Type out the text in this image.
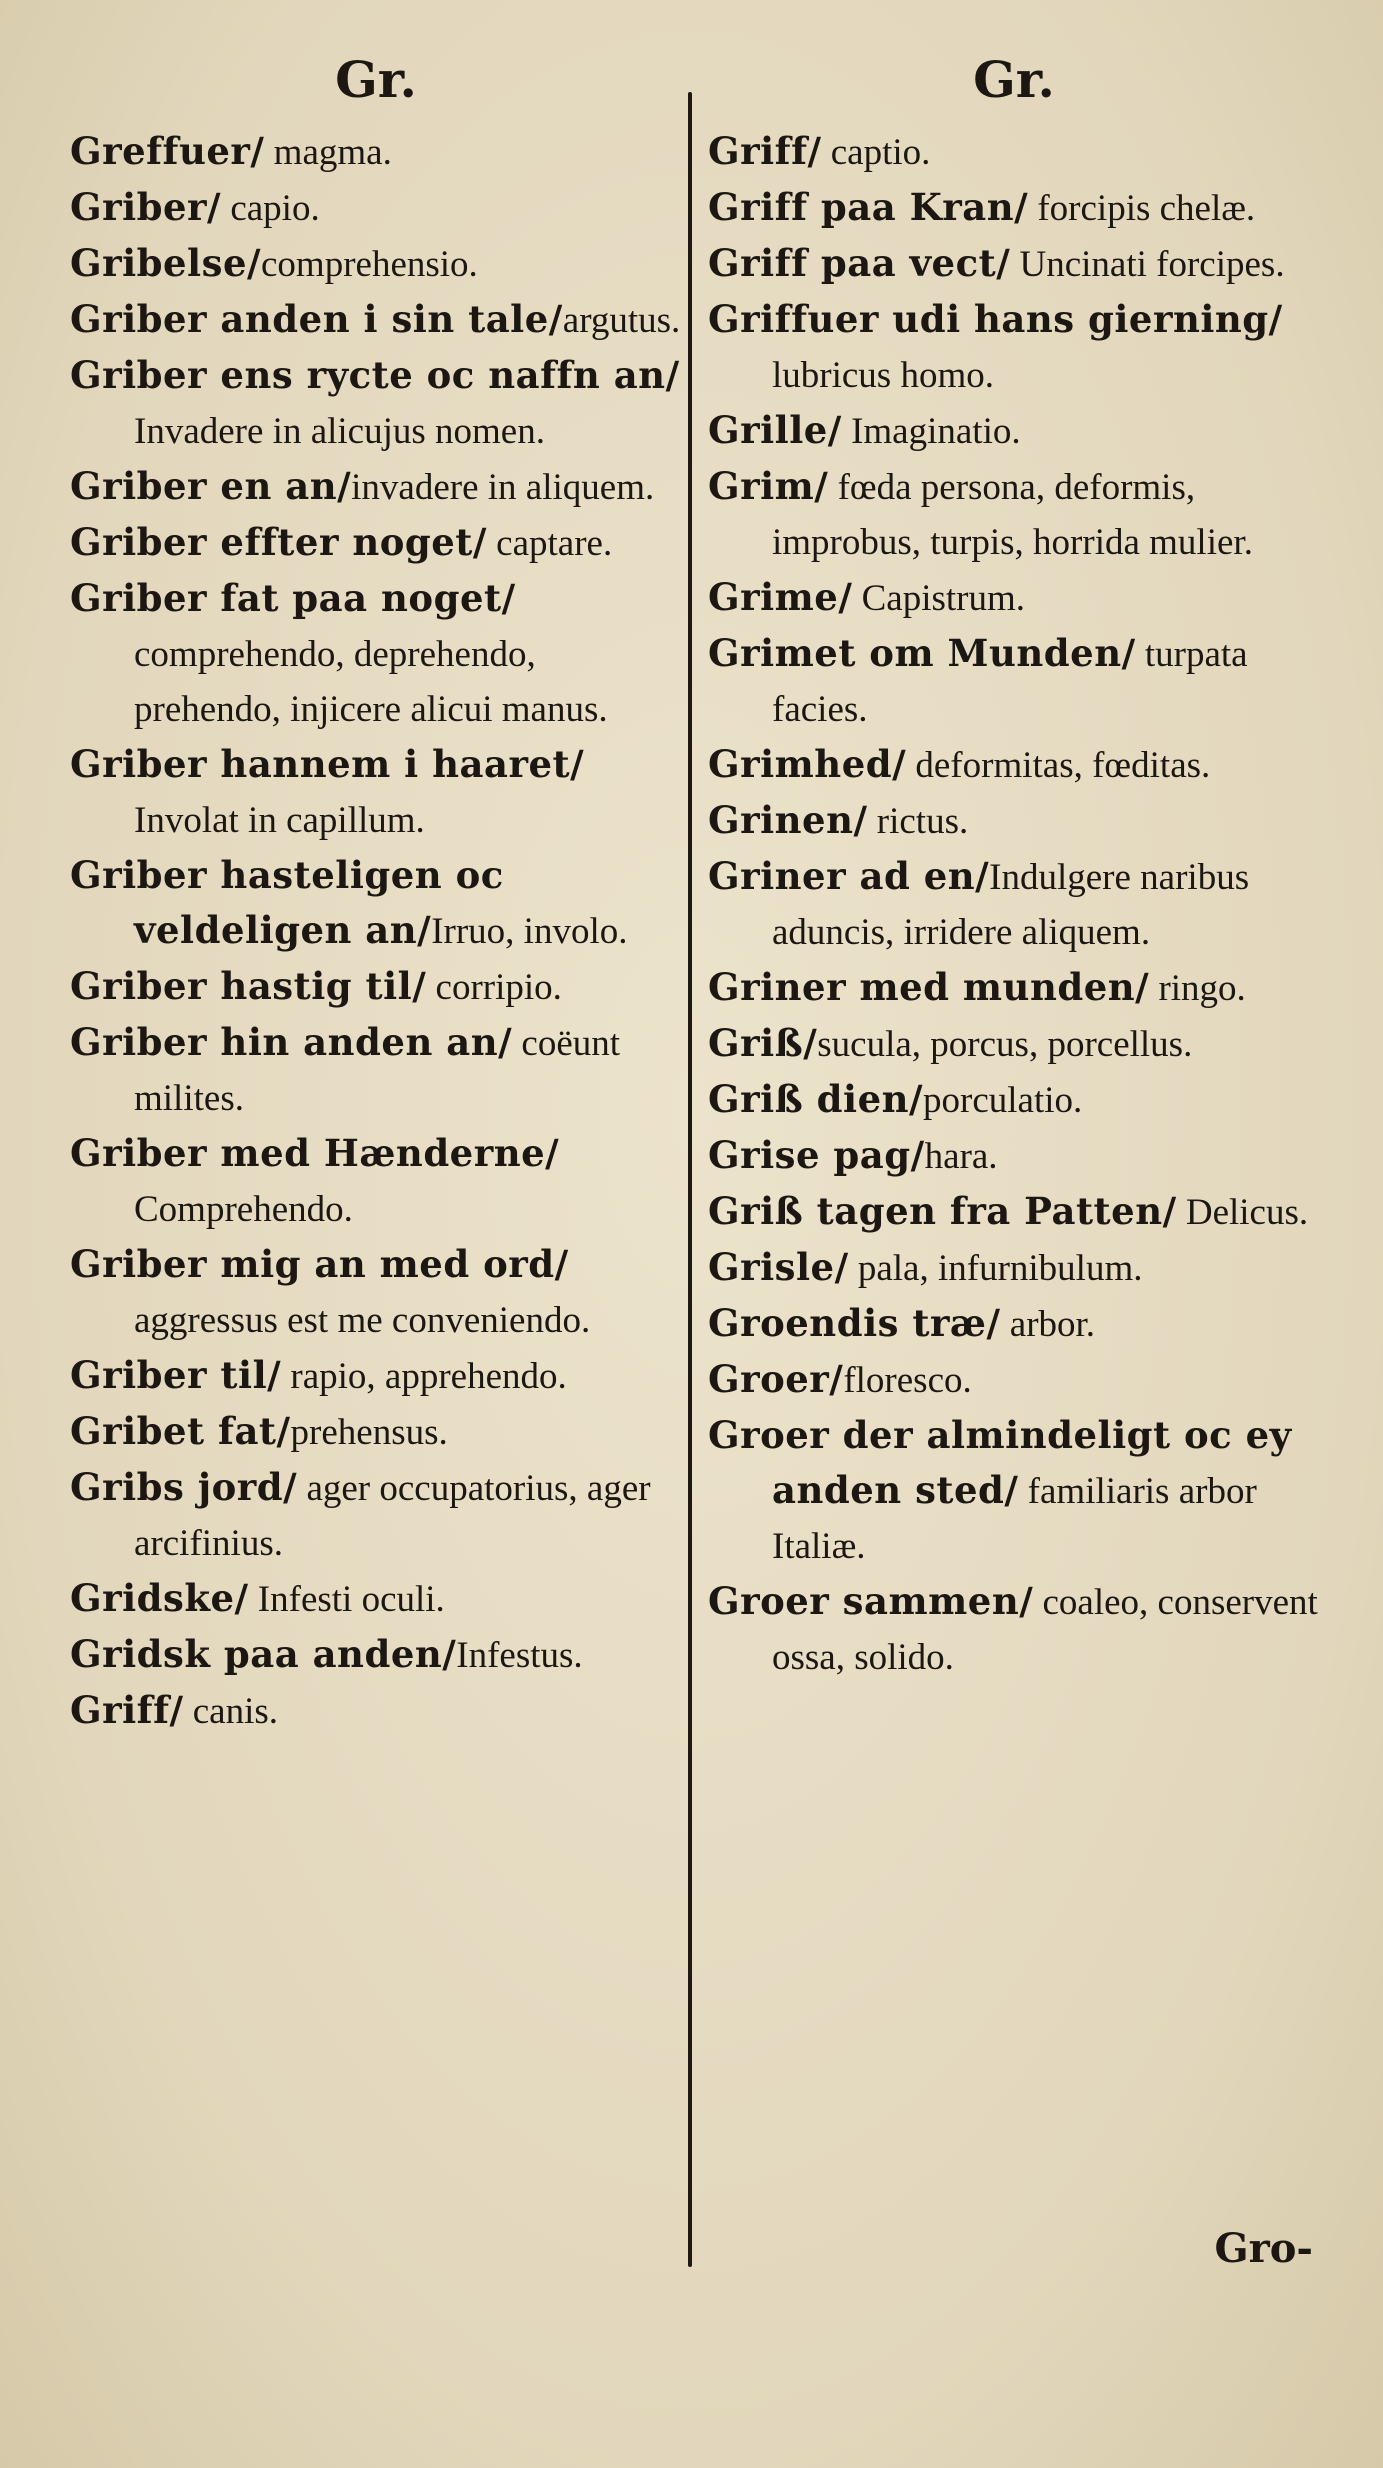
Gr.
Greffuer/ magma.
Griber/ capio.
Gribelse/comprehensio.
Griber anden i sin tale/argutus.
Griber ens rycte oc naffn an/ Invadere in alicujus nomen.
Griber en an/invadere in aliquem.
Griber effter noget/ captare.
Griber fat paa noget/ comprehendo, deprehendo, prehendo, injicere alicui manus.
Griber hannem i haaret/ Involat in capillum.
Griber hasteligen oc veldeligen an/Irruo, involo.
Griber hastig til/ corripio.
Griber hin anden an/ coëunt milites.
Griber med Hænderne/ Comprehendo.
Griber mig an med ord/ aggressus est me conveniendo.
Griber til/ rapio, apprehendo.
Gribet fat/prehensus.
Gribs jord/ ager occupatorius, ager arcifinius.
Gridske/ Infesti oculi.
Gridsk paa anden/Infestus.
Griff/ canis.
Gr.
Griff/ captio.
Griff paa Kran/ forcipis chelæ.
Griff paa vect/ Uncinati forcipes.
Griffuer udi hans gierning/ lubricus homo.
Grille/ Imaginatio.
Grim/ fœda persona, deformis, improbus, turpis, horrida mulier.
Grime/ Capistrum.
Grimet om Munden/ turpata facies.
Grimhed/ deformitas, fœditas.
Grinen/ rictus.
Griner ad en/Indulgere naribus aduncis, irridere aliquem.
Griner med munden/ ringo.
Griß/sucula, porcus, porcellus.
Griß dien/porculatio.
Grise pag/hara.
Griß tagen fra Patten/ Delicus.
Grisle/ pala, infurnibulum.
Groendis træ/ arbor.
Groer/floresco.
Groer der almindeligt oc ey anden sted/ familiaris arbor Italiæ.
Groer sammen/ coaleo, conservent ossa, solido.
Gro-
